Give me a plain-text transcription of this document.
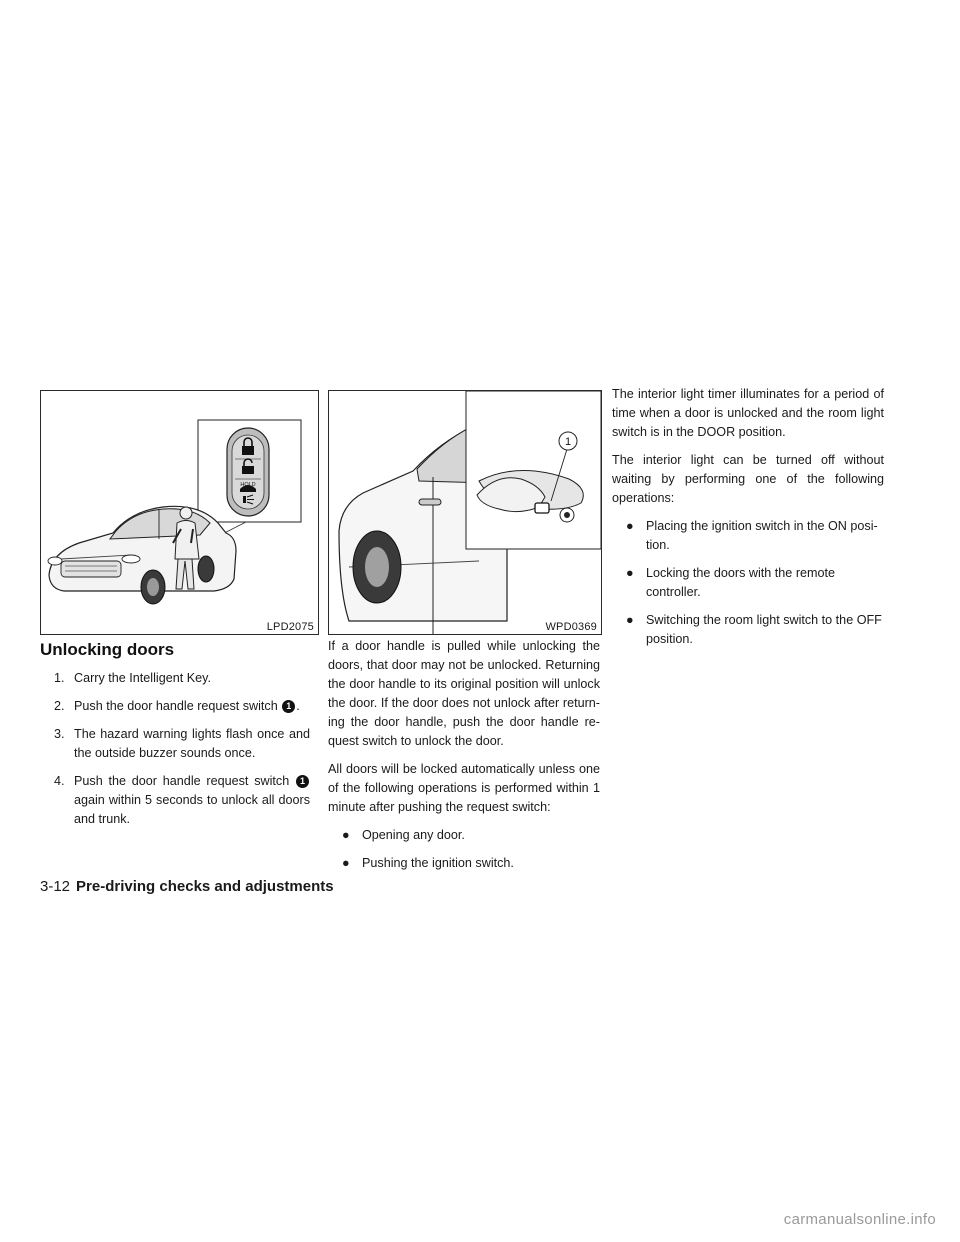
HOLD
LPD2075
1
WPD0369
Unlocking doors
1. Carry the Intelligent Key.
2. Push the door handle request switch 1 .
3. The hazard warning lights flash once and the outside buzzer sounds once.
4. Push the door handle request switch 1 again within 5 seconds to unlock all doors and trunk.

If a door handle is pulled while unlocking the doors, that door may not be unlocked. Returning the door handle to its original position will unlock the door. If the door does not unlock after return-ing the door handle, push the door handle re-quest switch to unlock the door.

All doors will be locked automatically unless one of the following operations is performed within 1 minute after pushing the request switch:

● Opening any door.
● Pushing the ignition switch.

The interior light timer illuminates for a period of time when a door is unlocked and the room light switch is in the DOOR position.

The interior light can be turned off without waiting by performing one of the following operations:

● Placing the ignition switch in the ON posi-tion.
● Locking the doors with the remote controller.
● Switching the room light switch to the OFF position.
3-12 Pre-driving checks and adjustments
carmanualsonline.info
